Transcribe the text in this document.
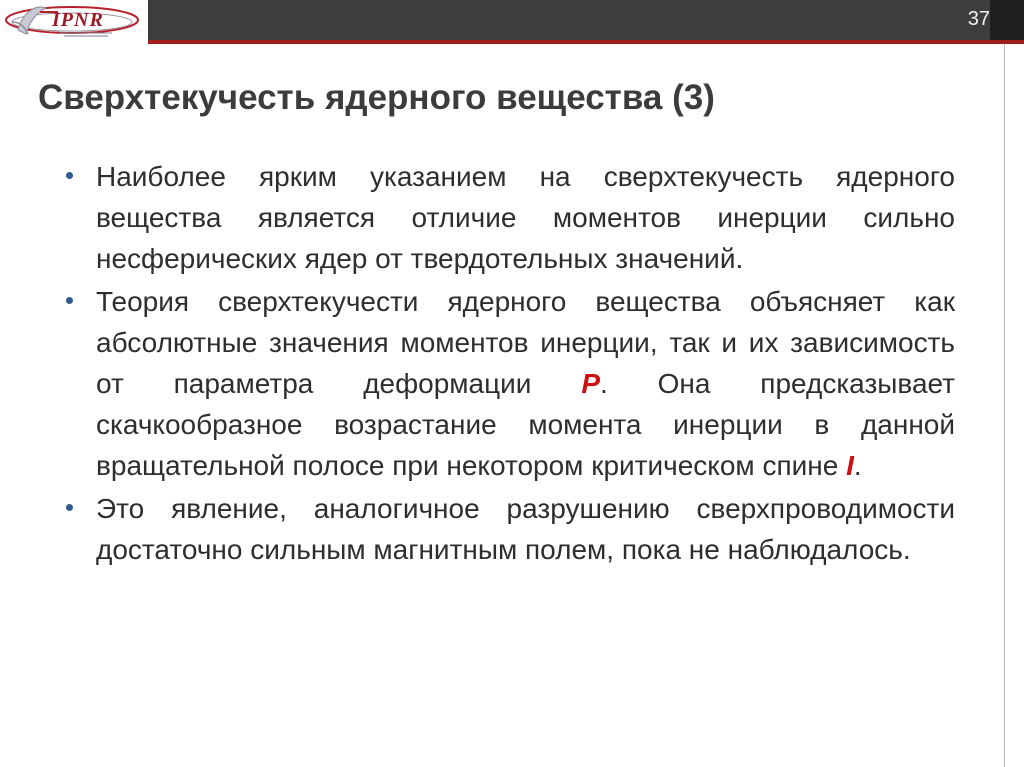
IPNR	37
Сверхтекучесть ядерного вещества (3)
Наиболее ярким указанием на сверхтекучесть ядерного вещества является отличие моментов инерции сильно несферических ядер от твердотельных значений.
Теория сверхтекучести ядерного вещества объясняет как абсолютные значения моментов инерции, так и их зависимость от параметра деформации P. Она предсказывает скачкообразное возрастание момента инерции в данной вращательной полосе при некотором критическом спине I.
Это явление, аналогичное разрушению сверхпроводимости достаточно сильным магнитным полем, пока не наблюдалось.
